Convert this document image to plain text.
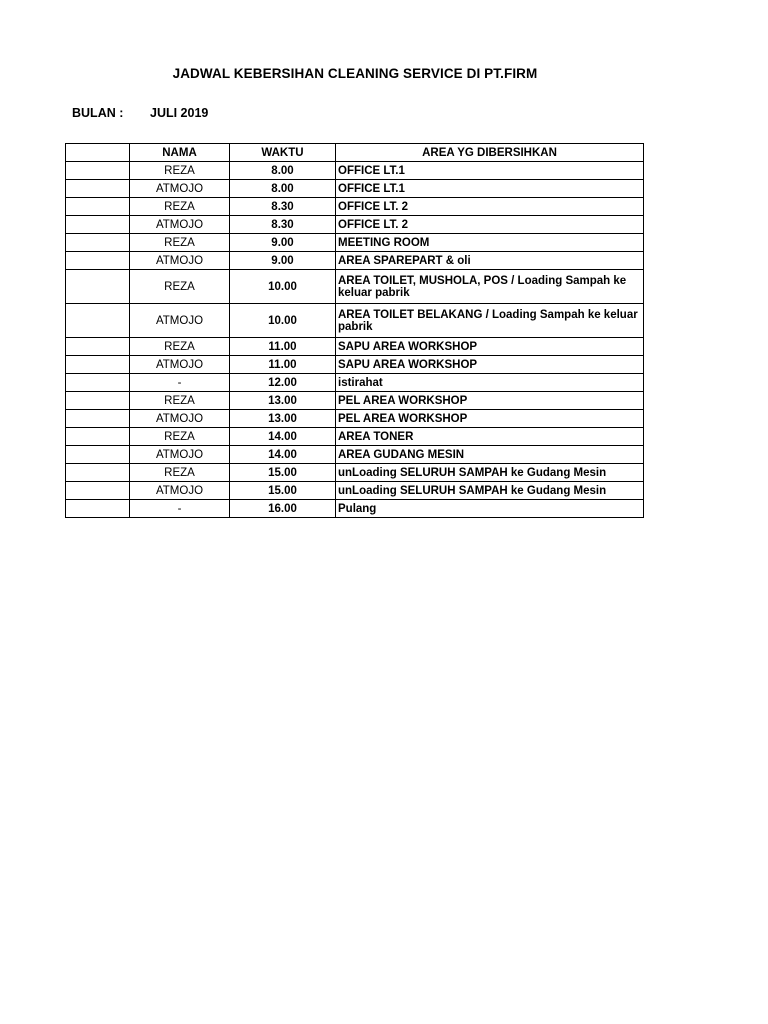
JADWAL KEBERSIHAN CLEANING SERVICE DI PT.FIRM
BULAN : JULI 2019
	NAMA	WAKTU	AREA YG DIBERSIHKAN
	REZA	8.00	OFFICE LT.1
	ATMOJO	8.00	OFFICE LT.1
	REZA	8.30	OFFICE LT. 2
	ATMOJO	8.30	OFFICE LT. 2
	REZA	9.00	MEETING ROOM
	ATMOJO	9.00	AREA SPAREPART & oli
	REZA	10.00	AREA TOILET, MUSHOLA, POS / Loading Sampah ke keluar pabrik
	ATMOJO	10.00	AREA TOILET BELAKANG / Loading Sampah ke keluar pabrik
	REZA	11.00	SAPU AREA WORKSHOP
	ATMOJO	11.00	SAPU AREA WORKSHOP
	-	12.00	istirahat
	REZA	13.00	PEL AREA WORKSHOP
	ATMOJO	13.00	PEL AREA WORKSHOP
	REZA	14.00	AREA TONER
	ATMOJO	14.00	AREA GUDANG MESIN
	REZA	15.00	unLoading SELURUH SAMPAH ke Gudang Mesin
	ATMOJO	15.00	unLoading SELURUH SAMPAH ke Gudang Mesin
	-	16.00	Pulang
